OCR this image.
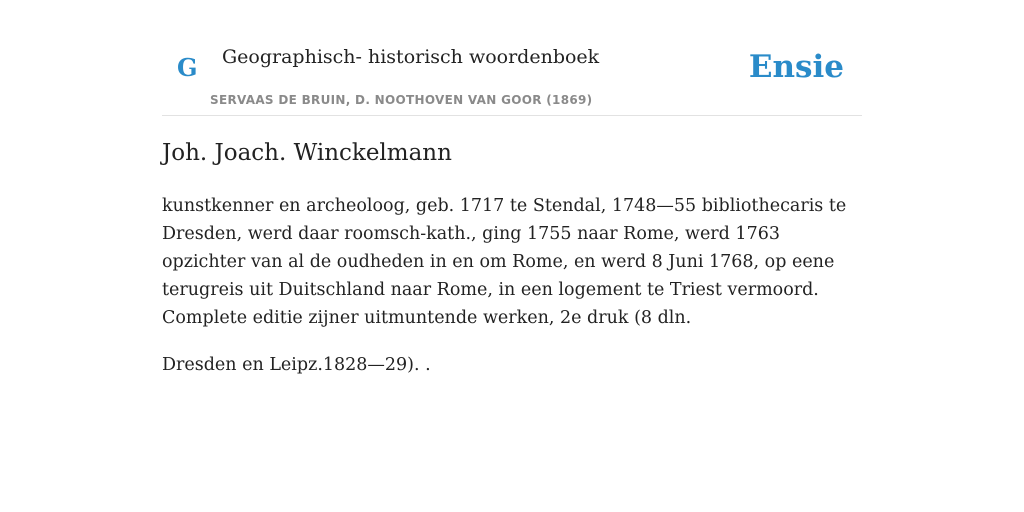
G Geographisch- historisch woordenboek
SERVAAS DE BRUIN, D. NOOTHOVEN VAN GOOR (1869)
Ensie
Joh. Joach. Winckelmann

kunstkenner en archeoloog, geb. 1717 te Stendal, 1748—55 bibliothecaris te Dresden, werd daar roomsch-kath., ging 1755 naar Rome, werd 1763 opzichter van al de oudheden in en om Rome, en werd 8 Juni 1768, op eene terugreis uit Duitschland naar Rome, in een logement te Triest vermoord. Complete editie zijner uitmuntende werken, 2e druk (8 dln.

Dresden en Leipz.1828—29). .
